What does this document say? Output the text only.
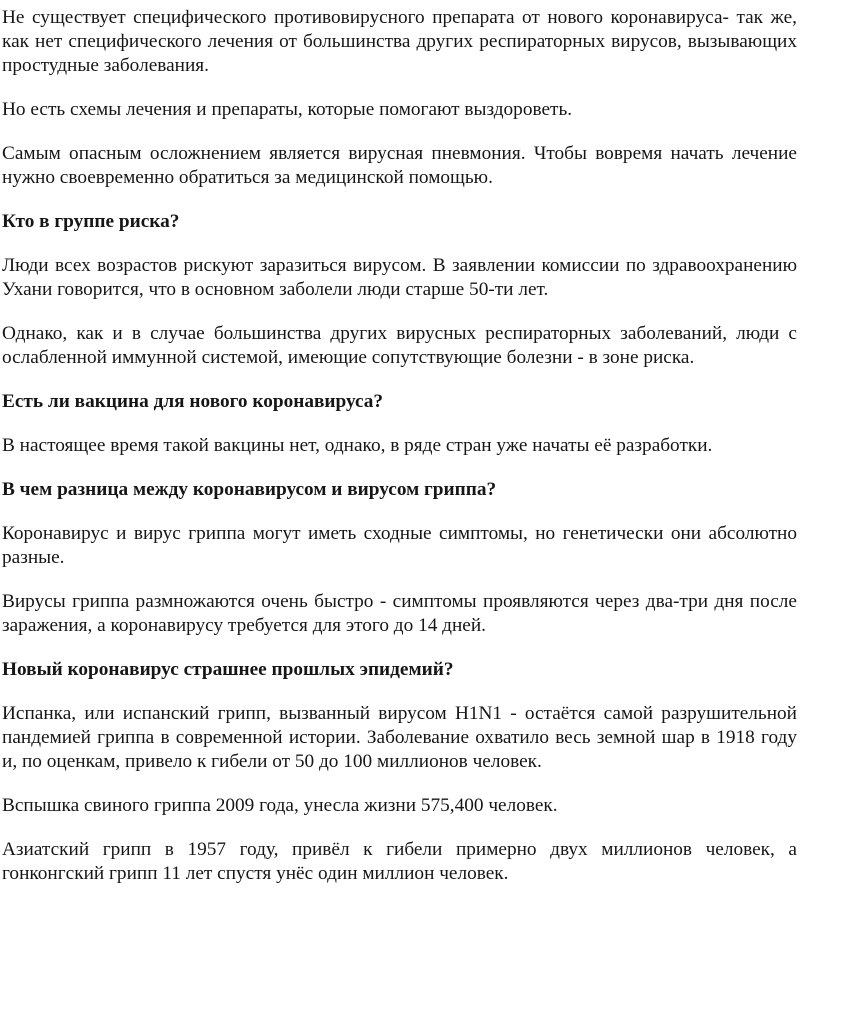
Не существует специфического противовирусного препарата от нового коронавируса- так же, как нет специфического лечения от большинства других респираторных вирусов, вызывающих простудные заболевания.

Но есть схемы лечения и препараты, которые помогают выздороветь.

Самым опасным осложнением является вирусная пневмония. Чтобы вовремя начать лечение нужно своевременно обратиться за медицинской помощью.

Кто в группе риска?

Люди всех возрастов рискуют заразиться вирусом. В заявлении комиссии по здравоохранению Ухани говорится, что в основном заболели люди старше 50-ти лет.

Однако, как и в случае большинства других вирусных респираторных заболеваний, люди с ослабленной иммунной системой, имеющие сопутствующие болезни - в зоне риска.

Есть ли вакцина для нового коронавируса?

В настоящее время такой вакцины нет, однако, в ряде стран уже начаты её разработки.

В чем разница между коронавирусом и вирусом гриппа?

Коронавирус и вирус гриппа могут иметь сходные симптомы, но генетически они абсолютно разные.

Вирусы гриппа размножаются очень быстро - симптомы проявляются через два-три дня после заражения, а коронавирусу требуется для этого до 14 дней.

Новый коронавирус страшнее прошлых эпидемий?

Испанка, или испанский грипп, вызванный вирусом H1N1 - остаётся самой разрушительной пандемией гриппа в современной истории. Заболевание охватило весь земной шар в 1918 году и, по оценкам, привело к гибели от 50 до 100 миллионов человек.

Вспышка свиного гриппа 2009 года, унесла жизни 575,400 человек.

Азиатский грипп в 1957 году, привёл к гибели примерно двух миллионов человек, а гонконгский грипп 11 лет спустя унёс один миллион человек.
